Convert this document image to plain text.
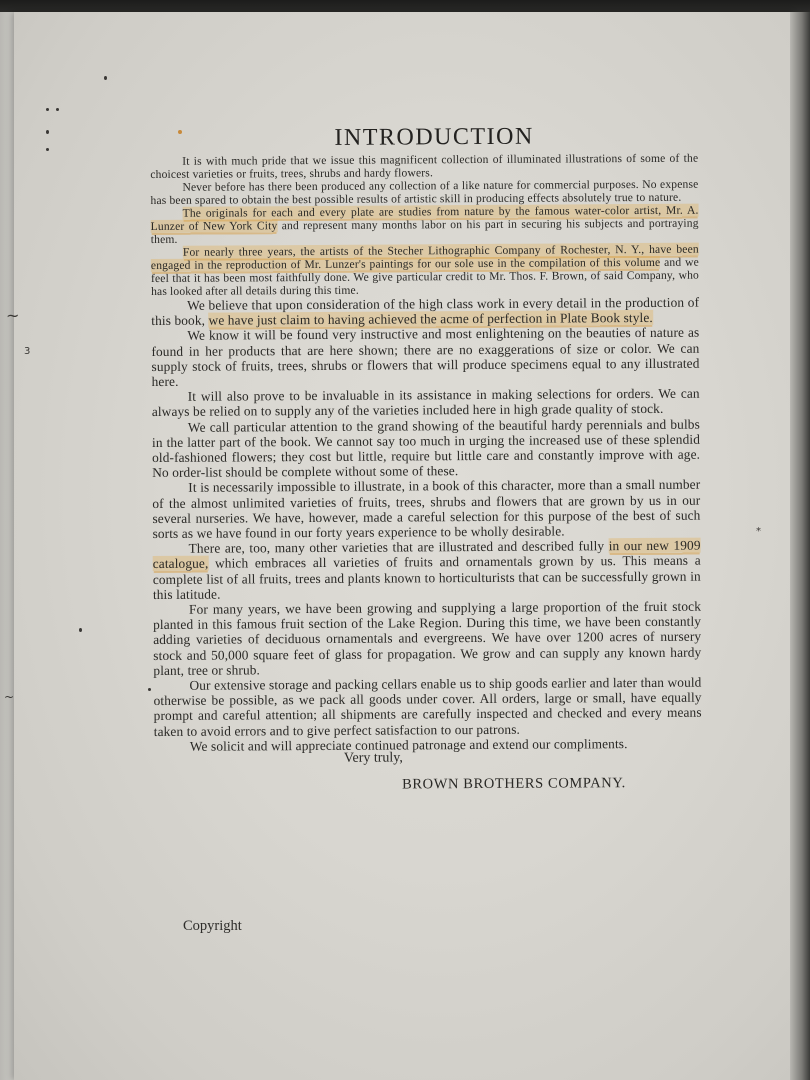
~
3
~
*
INTRODUCTION

It is with much pride that we issue this magnificent collection of illuminated illustrations of some of the choicest varieties or fruits, trees, shrubs and hardy flowers.

Never before has there been produced any collection of a like nature for commercial purposes. No expense has been spared to obtain the best possible results of artistic skill in producing effects absolutely true to nature.

The originals for each and every plate are studies from nature by the famous water-color artist, Mr. A. Lunzer of New York City and represent many months labor on his part in securing his subjects and portraying them.

For nearly three years, the artists of the Stecher Lithographic Company of Rochester, N. Y., have been engaged in the reproduction of Mr. Lunzer's paintings for our sole use in the compilation of this volume and we feel that it has been most faithfully done. We give particular credit to Mr. Thos. F. Brown, of said Company, who has looked after all details during this time.

We believe that upon consideration of the high class work in every detail in the production of this book, we have just claim to having achieved the acme of perfection in Plate Book style.

We know it will be found very instructive and most enlightening on the beauties of nature as found in her products that are here shown; there are no exaggerations of size or color. We can supply stock of fruits, trees, shrubs or flowers that will produce specimens equal to any illustrated here.

It will also prove to be invaluable in its assistance in making selections for orders. We can always be relied on to supply any of the varieties included here in high grade quality of stock.

We call particular attention to the grand showing of the beautiful hardy perennials and bulbs in the latter part of the book. We cannot say too much in urging the increased use of these splendid old-fashioned flowers; they cost but little, require but little care and constantly improve with age. No order-list should be complete without some of these.

It is necessarily impossible to illustrate, in a book of this character, more than a small number of the almost unlimited varieties of fruits, trees, shrubs and flowers that are grown by us in our several nurseries. We have, however, made a careful selection for this purpose of the best of such sorts as we have found in our forty years experience to be wholly desirable.

There are, too, many other varieties that are illustrated and described fully in our new 1909 catalogue, which embraces all varieties of fruits and ornamentals grown by us. This means a complete list of all fruits, trees and plants known to horticulturists that can be successfully grown in this latitude.

For many years, we have been growing and supplying a large proportion of the fruit stock planted in this famous fruit section of the Lake Region. During this time, we have been constantly adding varieties of deciduous ornamentals and evergreens. We have over 1200 acres of nursery stock and 50,000 square feet of glass for propagation. We grow and can supply any known hardy plant, tree or shrub.

Our extensive storage and packing cellars enable us to ship goods earlier and later than would otherwise be possible, as we pack all goods under cover. All orders, large or small, have equally prompt and careful attention; all shipments are carefully inspected and checked and every means taken to avoid errors and to give perfect satisfaction to our patrons.

We solicit and will appreciate continued patronage and extend our compliments.

Very truly,
BROWN BROTHERS COMPANY.
Copyright
